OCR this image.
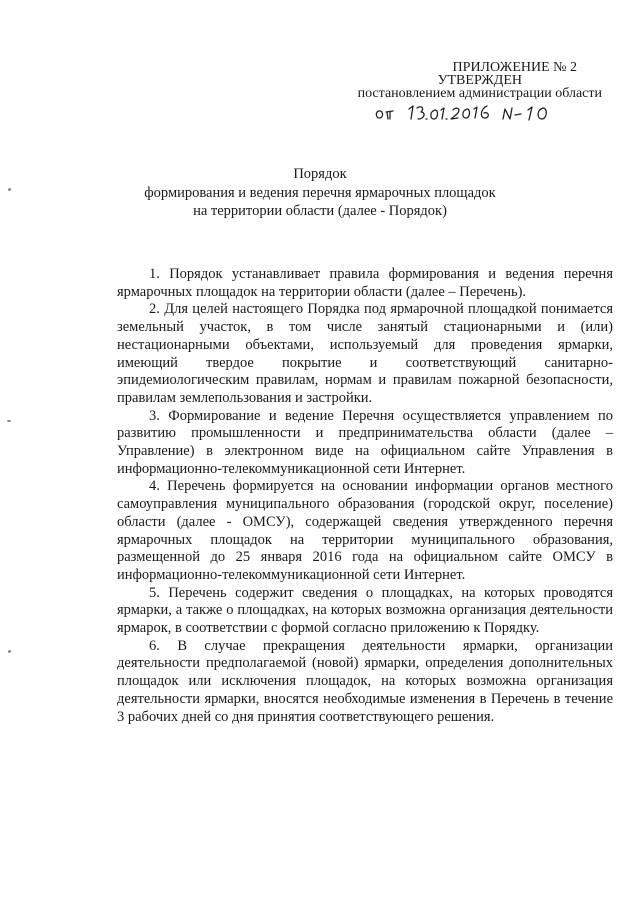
ПРИЛОЖЕНИЕ № 2
УТВЕРЖДЕН
постановлением администрации области
Порядок
формирования и ведения перечня ярмарочных площадок
на территории области (далее - Порядок)

1. Порядок устанавливает правила формирования и ведения перечня ярмарочных площадок на территории области (далее – Перечень).

2. Для целей настоящего Порядка под ярмарочной площадкой понимается земельный участок, в том числе занятый стационарными и (или) нестационарными объектами, используемый для проведения ярмарки, имеющий твердое покрытие и соответствующий санитарно-эпидемиологическим правилам, нормам и правилам пожарной безопасности, правилам землепользования и застройки.

3. Формирование и ведение Перечня осуществляется управлением по развитию промышленности и предпринимательства области (далее – Управление) в электронном виде на официальном сайте Управления в информационно-телекоммуникационной сети Интернет.

4. Перечень формируется на основании информации органов местного самоуправления муниципального образования (городской округ, поселение) области (далее - ОМСУ), содержащей сведения утвержденного перечня ярмарочных площадок на территории муниципального образования, размещенной до 25 января 2016 года на официальном сайте ОМСУ в информационно-телекоммуникационной сети Интернет.

5. Перечень содержит сведения о площадках, на которых проводятся ярмарки, а также о площадках, на которых возможна организация деятельности ярмарок, в соответствии с формой согласно приложению к Порядку.

6. В случае прекращения деятельности ярмарки, организации деятельности предполагаемой (новой) ярмарки, определения дополнительных площадок или исключения площадок, на которых возможна организация деятельности ярмарки, вносятся необходимые изменения в Перечень в течение 3 рабочих дней со дня принятия соответствующего решения.
